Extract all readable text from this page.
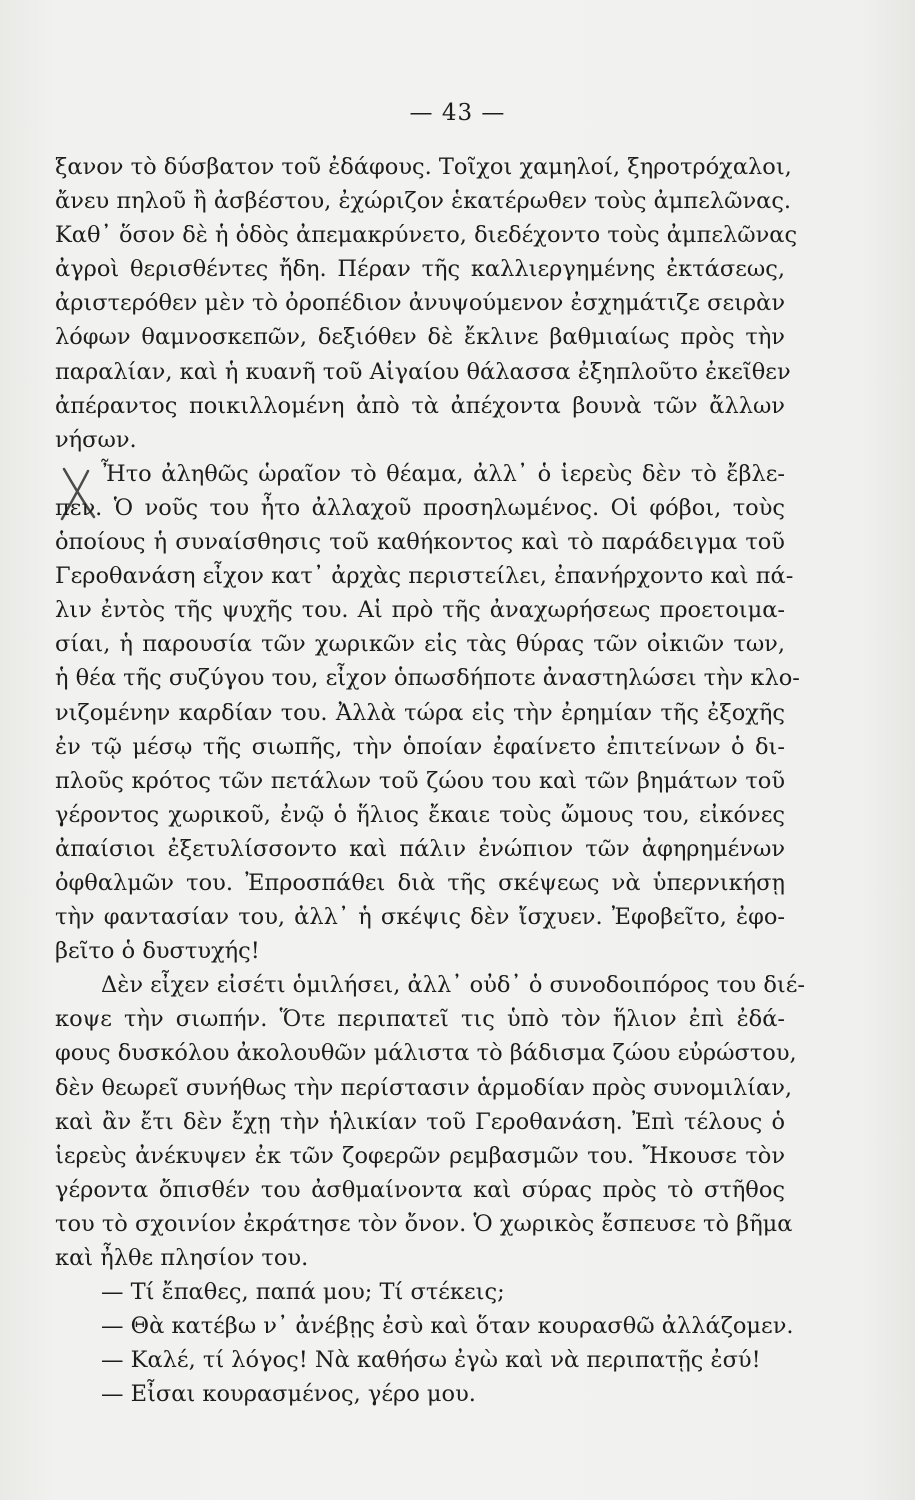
— 43 —
ξανον τὸ δύσβατον τοῦ ἐδάφους. Τοῖχοι χαμηλοί, ξηροτρόχαλοι,
ἄνευ πηλοῦ ἢ ἀσβέστου, ἐχώριζον ἑκατέρωθεν τοὺς ἀμπελῶνας.
Καθ᾽ ὅσον δὲ ἡ ὁδὸς ἀπεμακρύνετο, διεδέχοντο τοὺς ἀμπελῶνας
ἀγροὶ θερισθέντες ἤδη. Πέραν τῆς καλλιεργημένης ἐκτάσεως,
ἀριστερόθεν μὲν τὸ ὀροπέδιον ἀνυψούμενον ἐσχημάτιζε σειρὰν
λόφων θαμνοσκεπῶν, δεξιόθεν δὲ ἔκλινε βαθμιαίως πρὸς τὴν
παραλίαν, καὶ ἡ κυανῆ τοῦ Αἰγαίου θάλασσα ἐξηπλοῦτο ἐκεῖθεν
ἀπέραντος ποικιλλομένη ἀπὸ τὰ ἀπέχοντα βουνὰ τῶν ἄλλων
νήσων.
Ἦτο ἀληθῶς ὡραῖον τὸ θέαμα, ἀλλ᾽ ὁ ἱερεὺς δὲν τὸ ἔβλε-
πεν. Ὁ νοῦς του ἦτο ἀλλαχοῦ προσηλωμένος. Οἱ φόβοι, τοὺς
ὁποίους ἡ συναίσθησις τοῦ καθήκοντος καὶ τὸ παράδειγμα τοῦ
Γεροθανάση εἶχον κατ᾽ ἀρχὰς περιστείλει, ἐπανήρχοντο καὶ πά-
λιν ἐντὸς τῆς ψυχῆς του. Αἱ πρὸ τῆς ἀναχωρήσεως προετοιμα-
σίαι, ἡ παρουσία τῶν χωρικῶν εἰς τὰς θύρας τῶν οἰκιῶν των,
ἡ θέα τῆς συζύγου του, εἶχον ὁπωσδήποτε ἀναστηλώσει τὴν κλο-
νιζομένην καρδίαν του. Ἀλλὰ τώρα εἰς τὴν ἐρημίαν τῆς ἐξοχῆς
ἐν τῷ μέσῳ τῆς σιωπῆς, τὴν ὁποίαν ἐφαίνετο ἐπιτείνων ὁ δι-
πλοῦς κρότος τῶν πετάλων τοῦ ζώου του καὶ τῶν βημάτων τοῦ
γέροντος χωρικοῦ, ἐνῷ ὁ ἥλιος ἔκαιε τοὺς ὤμους του, εἰκόνες
ἀπαίσιοι ἐξετυλίσσοντο καὶ πάλιν ἐνώπιον τῶν ἀφηρημένων
ὀφθαλμῶν του. Ἐπροσπάθει διὰ τῆς σκέψεως νὰ ὑπερνικήσῃ
τὴν φαντασίαν του, ἀλλ᾽ ἡ σκέψις δὲν ἴσχυεν. Ἐφοβεῖτο, ἐφο-
βεῖτο ὁ δυστυχής!
Δὲν εἶχεν εἰσέτι ὁμιλήσει, ἀλλ᾽ οὐδ᾽ ὁ συνοδοιπόρος του διέ-
κοψε τὴν σιωπήν. Ὅτε περιπατεῖ τις ὑπὸ τὸν ἥλιον ἐπὶ ἐδά-
φους δυσκόλου ἀκολουθῶν μάλιστα τὸ βάδισμα ζώου εὐρώστου,
δὲν θεωρεῖ συνήθως τὴν περίστασιν ἁρμοδίαν πρὸς συνομιλίαν,
καὶ ἂν ἔτι δὲν ἔχῃ τὴν ἡλικίαν τοῦ Γεροθανάση. Ἐπὶ τέλους ὁ
ἱερεὺς ἀνέκυψεν ἐκ τῶν ζοφερῶν ρεμβασμῶν του. Ἤκουσε τὸν
γέροντα ὄπισθέν του ἀσθμαίνοντα καὶ σύρας πρὸς τὸ στῆθος
του τὸ σχοινίον ἐκράτησε τὸν ὄνον. Ὁ χωρικὸς ἔσπευσε τὸ βῆμα
καὶ ἦλθε πλησίον του.
— Τί ἔπαθες, παπά μου; Τί στέκεις;
— Θὰ κατέβω ν᾽ ἀνέβῃς ἐσὺ καὶ ὅταν κουρασθῶ ἀλλάζομεν.
— Καλέ, τί λόγος! Νὰ καθήσω ἐγὼ καὶ νὰ περιπατῇς ἐσύ!
— Εἶσαι κουρασμένος, γέρο μου.
